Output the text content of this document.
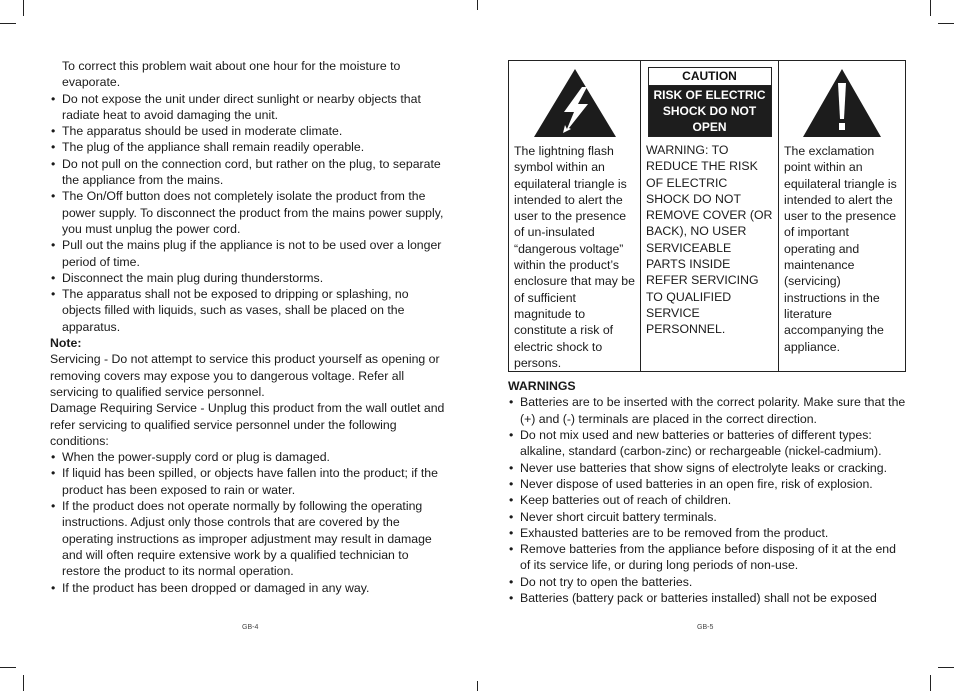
To correct this problem wait about one hour for the moisture to evaporate.

• Do not expose the unit under direct sunlight or nearby objects that radiate heat to avoid damaging the unit.
• The apparatus should be used in moderate climate.
• The plug of the appliance shall remain readily operable.
• Do not pull on the connection cord, but rather on the plug, to separate the appliance from the mains.
• The On/Off button does not completely isolate the product from the power supply. To disconnect the product from the mains power supply, you must unplug the power cord.
• Pull out the mains plug if the appliance is not to be used over a longer period of time.
• Disconnect the main plug during thunderstorms.
• The apparatus shall not be exposed to dripping or splashing, no objects filled with liquids, such as vases, shall be placed on the apparatus.

Note:

Servicing - Do not attempt to service this product yourself as opening or removing covers may expose you to dangerous voltage. Refer all servicing to qualified service personnel.

Damage Requiring Service - Unplug this product from the wall outlet and refer servicing to qualified service personnel under the following conditions:

• When the power-supply cord or plug is damaged.
• If liquid has been spilled, or objects have fallen into the product; if the product has been exposed to rain or water.
• If the product does not operate normally by following the operating instructions. Adjust only those controls that are covered by the operating instructions as improper adjustment may result in damage and will often require extensive work by a qualified technician to restore the product to its normal operation.
• If the product has been dropped or damaged in any way.
GB-4
The lightning flash symbol within an equilateral triangle is intended to alert the user to the presence of un-insulated “dangerous voltage” within the product’s enclosure that may be of sufficient magnitude to constitute a risk of electric shock to persons.

CAUTION
RISK OF ELECTRIC SHOCK DO NOT OPEN
WARNING: TO REDUCE THE RISK OF ELECTRIC SHOCK DO NOT REMOVE COVER (OR BACK), NO USER SERVICEABLE PARTS INSIDE REFER SERVICING TO QUALIFIED SERVICE PERSONNEL.

The exclamation point within an equilateral triangle is intended to alert the user to the presence of important operating and maintenance (servicing) instructions in the literature accompanying the appliance.

WARNINGS

• Batteries are to be inserted with the correct polarity. Make sure that the (+) and (-) terminals are placed in the correct direction.
• Do not mix used and new batteries or batteries of different types: alkaline, standard (carbon-zinc) or rechargeable (nickel-cadmium).
• Never use batteries that show signs of electrolyte leaks or cracking.
• Never dispose of used batteries in an open fire, risk of explosion.
• Keep batteries out of reach of children.
• Never short circuit battery terminals.
• Exhausted batteries are to be removed from the product.
• Remove batteries from the appliance before disposing of it at the end of its service life, or during long periods of non-use.
• Do not try to open the batteries.
• Batteries (battery pack or batteries installed) shall not be exposed
GB-5
